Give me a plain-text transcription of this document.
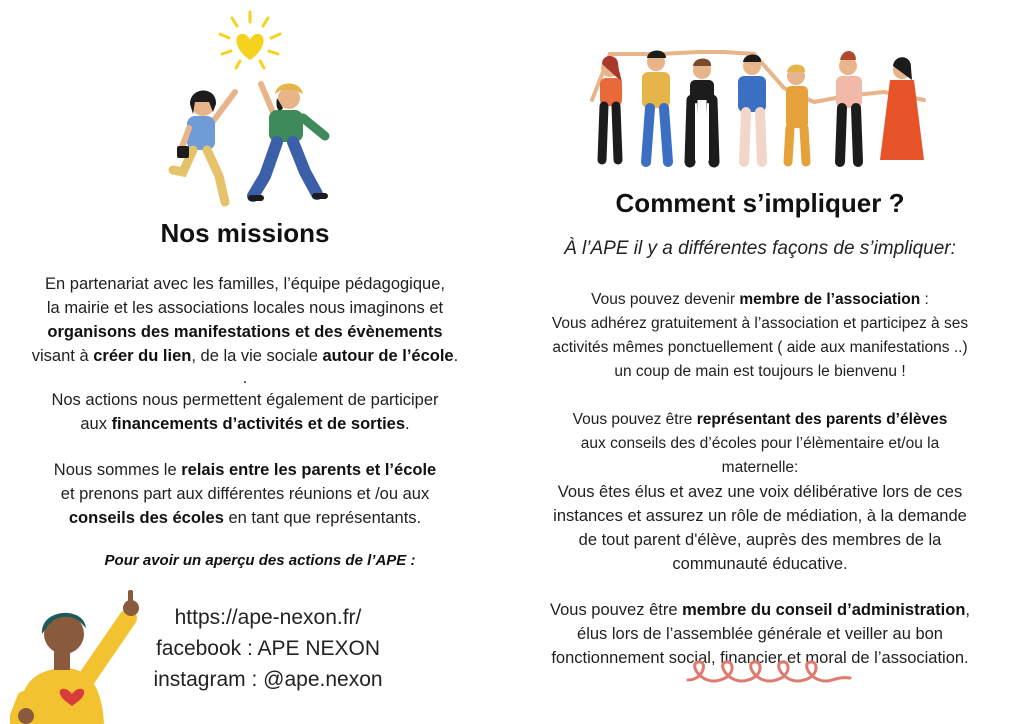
Nos missions

En partenariat avec les familles, l’équipe pédagogique,
la mairie et les associations locales nous imaginons et
organisons des manifestations et des évènements
visant à créer du lien, de la vie sociale autour de l’école.

.

Nos actions nous permettent également de participer
aux financements d’activités et de sorties.

Nous sommes le relais entre les parents et l’école
et prenons part aux différentes réunions et /ou aux
conseils des écoles en tant que représentants.

Pour avoir un aperçu des actions de l’APE :

https://ape-nexon.fr/

facebook : APE NEXON

instagram : @ape.nexon

Comment s’impliquer ?

À l’APE il y a différentes façons de s’impliquer:

Vous pouvez devenir membre de l’association :
Vous adhérez gratuitement à l’association et participez à ses
activités mêmes ponctuellement ( aide aux manifestations ..)
un coup de main est toujours le bienvenu !

Vous pouvez être représentant des parents d’élèves
aux conseils des d’écoles pour l’élèmentaire et/ou la
maternelle:

Vous êtes élus et avez une voix délibérative lors de ces
instances et assurez un rôle de médiation, à la demande
de tout parent d'élève, auprès des membres de la
communauté éducative.

Vous pouvez être membre du conseil d’administration,
élus lors de l’assemblée générale et veiller au bon
fonctionnement social, financier et moral de l’association.
